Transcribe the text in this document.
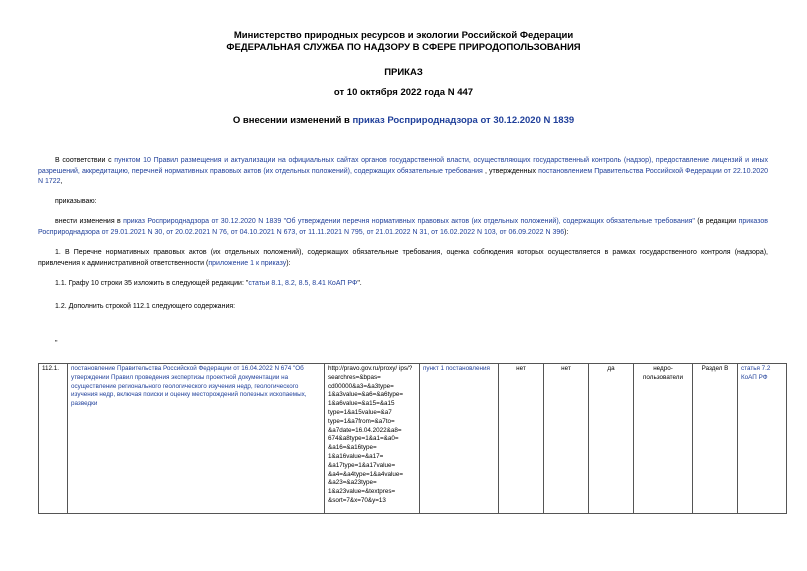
Министерство природных ресурсов и экологии Российской Федерации
ФЕДЕРАЛЬНАЯ СЛУЖБА ПО НАДЗОРУ В СФЕРЕ ПРИРОДОПОЛЬЗОВАНИЯ
ПРИКАЗ
от 10 октября 2022 года N 447
О внесении изменений в приказ Росприроднадзора от 30.12.2020 N 1839
В соответствии с пунктом 10 Правил размещения и актуализации на официальных сайтах органов государственной власти, осуществляющих государственный контроль (надзор), предоставление лицензий и иных разрешений, аккредитацию, перечней нормативных правовых актов (их отдельных положений), содержащих обязательные требования , утвержденных постановлением Правительства Российской Федерации от 22.10.2020 N 1722,
приказываю:
внести изменения в приказ Росприроднадзора от 30.12.2020 N 1839 "Об утверждении перечня нормативных правовых актов (их отдельных положений), содержащих обязательные требования" (в редакции приказов Росприроднадзора от 29.01.2021 N 30, от 20.02.2021 N 76, от 04.10.2021 N 673, от 11.11.2021 N 795, от 21.01.2022 N 31, от 16.02.2022 N 103, от 06.09.2022 N 396):
1. В Перечне нормативных правовых актов (их отдельных положений), содержащих обязательные требования, оценка соблюдения которых осуществляется в рамках государственного контроля (надзора), привлечения к административной ответственности (приложение 1 к приказу):
1.1. Графу 10 строки 35 изложить в следующей редакции: "статьи 8.1, 8.2, 8.5, 8.41 КоАП РФ".
1.2. Дополнить строкой 112.1 следующего содержания:
"
112.1.	постановление Правительства Российской Федерации от 16.04.2022 N 674 "Об утверждении Правил проведения экспертизы проектной документации на осуществление регионального геологического изучения недр, геологического изучения недр, включая поиски и оценку месторождений полезных ископаемых, разведки	http://pravo.gov.ru/proxy/ ips/?searchres=&bpas= cd00000&a3=&a3type= 1&a3value=&a6=&a6type= 1&a6value=&a15=&a15 type=1&a15value=&a7 type=1&a7from=&a7to= &a7date=16.04.2022&a8= 674&a8type=1&a1=&a0= &a16=&a16type= 1&a16value=&a17= &a17type=1&a17value= &a4=&a4type=1&a4value= &a23=&a23type= 1&a23value=&textpres= &sort=7&x=70&y=13	пункт 1 постановления	нет	нет	да	недро- пользователи	Раздел В	статья 7.2 КоАП РФ
